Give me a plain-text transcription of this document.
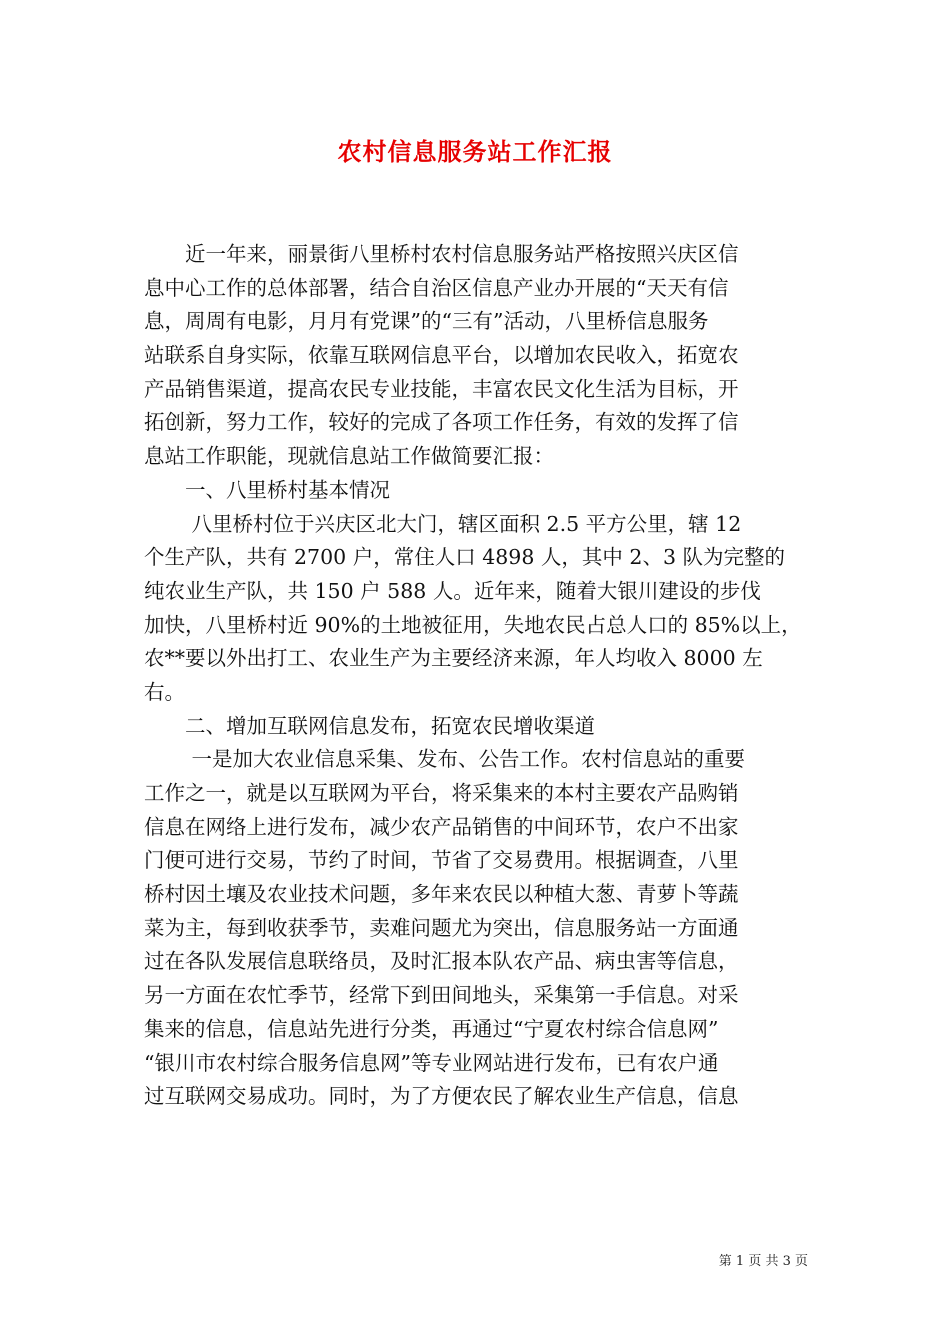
农村信息服务站工作汇报
　　近一年来，丽景街八里桥村农村信息服务站严格按照兴庆区信
息中心工作的总体部署，结合自治区信息产业办开展的“天天有信
息，周周有电影，月月有党课”的“三有”活动，八里桥信息服务
站联系自身实际，依靠互联网信息平台，以增加农民收入，拓宽农
产品销售渠道，提高农民专业技能，丰富农民文化生活为目标，开
拓创新，努力工作，较好的完成了各项工作任务，有效的发挥了信
息站工作职能，现就信息站工作做简要汇报：
　　一、八里桥村基本情况
　　 八里桥村位于兴庆区北大门，辖区面积 2.5 平方公里，辖 12
个生产队，共有 2700 户，常住人口 4898 人，其中 2、3 队为完整的
纯农业生产队，共 150 户 588 人。近年来，随着大银川建设的步伐
加快，八里桥村近 90%的土地被征用，失地农民占总人口的 85%以上，
农**要以外出打工、农业生产为主要经济来源，年人均收入 8000 左
右。
　　二、增加互联网信息发布，拓宽农民增收渠道
　　 一是加大农业信息采集、发布、公告工作。农村信息站的重要
工作之一，就是以互联网为平台，将采集来的本村主要农产品购销
信息在网络上进行发布，减少农产品销售的中间环节，农户不出家
门便可进行交易，节约了时间，节省了交易费用。根据调查，八里
桥村因土壤及农业技术问题，多年来农民以种植大葱、青萝卜等蔬
菜为主，每到收获季节，卖难问题尤为突出，信息服务站一方面通
过在各队发展信息联络员，及时汇报本队农产品、病虫害等信息，
另一方面在农忙季节，经常下到田间地头，采集第一手信息。对采
集来的信息，信息站先进行分类，再通过“宁夏农村综合信息网”
“银川市农村综合服务信息网”等专业网站进行发布，已有农户通
过互联网交易成功。同时，为了方便农民了解农业生产信息，信息
第 1 页 共 3 页
